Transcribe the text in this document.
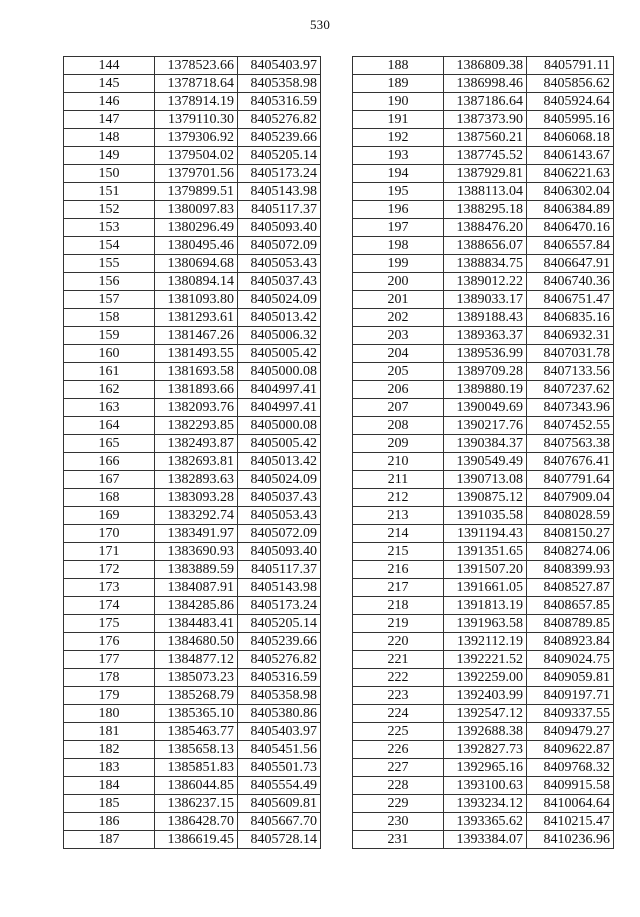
530
144	1378523.66	8405403.97
145	1378718.64	8405358.98
146	1378914.19	8405316.59
147	1379110.30	8405276.82
148	1379306.92	8405239.66
149	1379504.02	8405205.14
150	1379701.56	8405173.24
151	1379899.51	8405143.98
152	1380097.83	8405117.37
153	1380296.49	8405093.40
154	1380495.46	8405072.09
155	1380694.68	8405053.43
156	1380894.14	8405037.43
157	1381093.80	8405024.09
158	1381293.61	8405013.42
159	1381467.26	8405006.32
160	1381493.55	8405005.42
161	1381693.58	8405000.08
162	1381893.66	8404997.41
163	1382093.76	8404997.41
164	1382293.85	8405000.08
165	1382493.87	8405005.42
166	1382693.81	8405013.42
167	1382893.63	8405024.09
168	1383093.28	8405037.43
169	1383292.74	8405053.43
170	1383491.97	8405072.09
171	1383690.93	8405093.40
172	1383889.59	8405117.37
173	1384087.91	8405143.98
174	1384285.86	8405173.24
175	1384483.41	8405205.14
176	1384680.50	8405239.66
177	1384877.12	8405276.82
178	1385073.23	8405316.59
179	1385268.79	8405358.98
180	1385365.10	8405380.86
181	1385463.77	8405403.97
182	1385658.13	8405451.56
183	1385851.83	8405501.73
184	1386044.85	8405554.49
185	1386237.15	8405609.81
186	1386428.70	8405667.70
187	1386619.45	8405728.14
188	1386809.38	8405791.11
189	1386998.46	8405856.62
190	1387186.64	8405924.64
191	1387373.90	8405995.16
192	1387560.21	8406068.18
193	1387745.52	8406143.67
194	1387929.81	8406221.63
195	1388113.04	8406302.04
196	1388295.18	8406384.89
197	1388476.20	8406470.16
198	1388656.07	8406557.84
199	1388834.75	8406647.91
200	1389012.22	8406740.36
201	1389033.17	8406751.47
202	1389188.43	8406835.16
203	1389363.37	8406932.31
204	1389536.99	8407031.78
205	1389709.28	8407133.56
206	1389880.19	8407237.62
207	1390049.69	8407343.96
208	1390217.76	8407452.55
209	1390384.37	8407563.38
210	1390549.49	8407676.41
211	1390713.08	8407791.64
212	1390875.12	8407909.04
213	1391035.58	8408028.59
214	1391194.43	8408150.27
215	1391351.65	8408274.06
216	1391507.20	8408399.93
217	1391661.05	8408527.87
218	1391813.19	8408657.85
219	1391963.58	8408789.85
220	1392112.19	8408923.84
221	1392221.52	8409024.75
222	1392259.00	8409059.81
223	1392403.99	8409197.71
224	1392547.12	8409337.55
225	1392688.38	8409479.27
226	1392827.73	8409622.87
227	1392965.16	8409768.32
228	1393100.63	8409915.58
229	1393234.12	8410064.64
230	1393365.62	8410215.47
231	1393384.07	8410236.96
